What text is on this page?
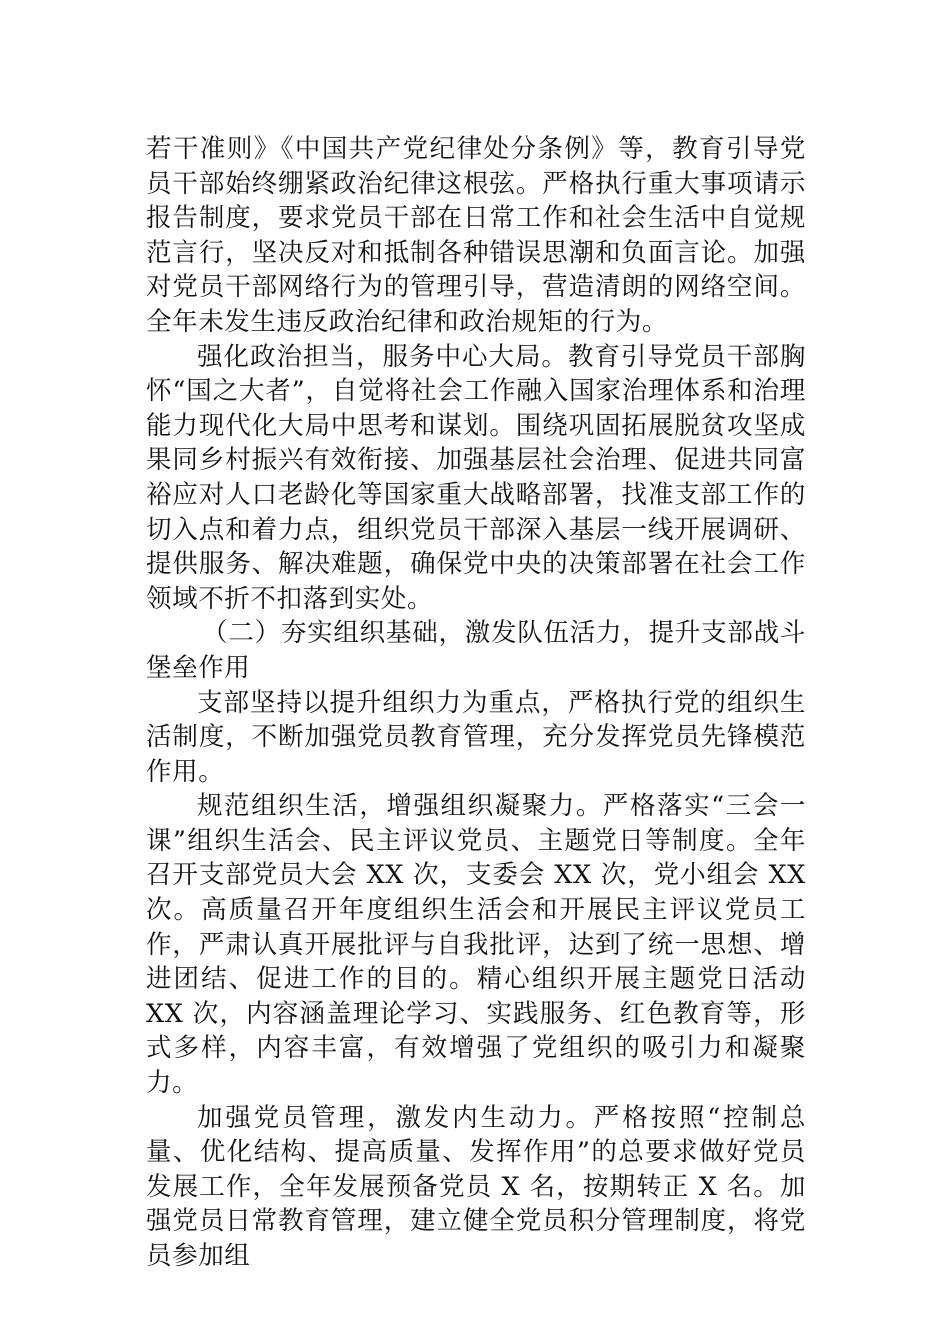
若干准则》《中国共产党纪律处分条例》等，教育引导党员干部始终绷紧政治纪律这根弦。严格执行重大事项请示报告制度，要求党员干部在日常工作和社会生活中自觉规范言行，坚决反对和抵制各种错误思潮和负面言论。加强对党员干部网络行为的管理引导，营造清朗的网络空间。全年未发生违反政治纪律和政治规矩的行为。

强化政治担当，服务中心大局。教育引导党员干部胸怀“国之大者”，自觉将社会工作融入国家治理体系和治理能力现代化大局中思考和谋划。围绕巩固拓展脱贫攻坚成果同乡村振兴有效衔接、加强基层社会治理、促进共同富裕应对人口老龄化等国家重大战略部署，找准支部工作的切入点和着力点，组织党员干部深入基层一线开展调研、提供服务、解决难题，确保党中央的决策部署在社会工作领域不折不扣落到实处。

（二）夯实组织基础，激发队伍活力，提升支部战斗堡垒作用

支部坚持以提升组织力为重点，严格执行党的组织生活制度，不断加强党员教育管理，充分发挥党员先锋模范作用。

规范组织生活，增强组织凝聚力。严格落实“三会一课”组织生活会、民主评议党员、主题党日等制度。全年召开支部党员大会 XX 次，支委会 XX 次，党小组会 XX 次。高质量召开年度组织生活会和开展民主评议党员工作，严肃认真开展批评与自我批评，达到了统一思想、增进团结、促进工作的目的。精心组织开展主题党日活动 XX 次，内容涵盖理论学习、实践服务、红色教育等，形式多样，内容丰富，有效增强了党组织的吸引力和凝聚力。

加强党员管理，激发内生动力。严格按照“控制总量、优化结构、提高质量、发挥作用”的总要求做好党员发展工作，全年发展预备党员 X 名，按期转正 X 名。加强党员日常教育管理，建立健全党员积分管理制度，将党员参加组
